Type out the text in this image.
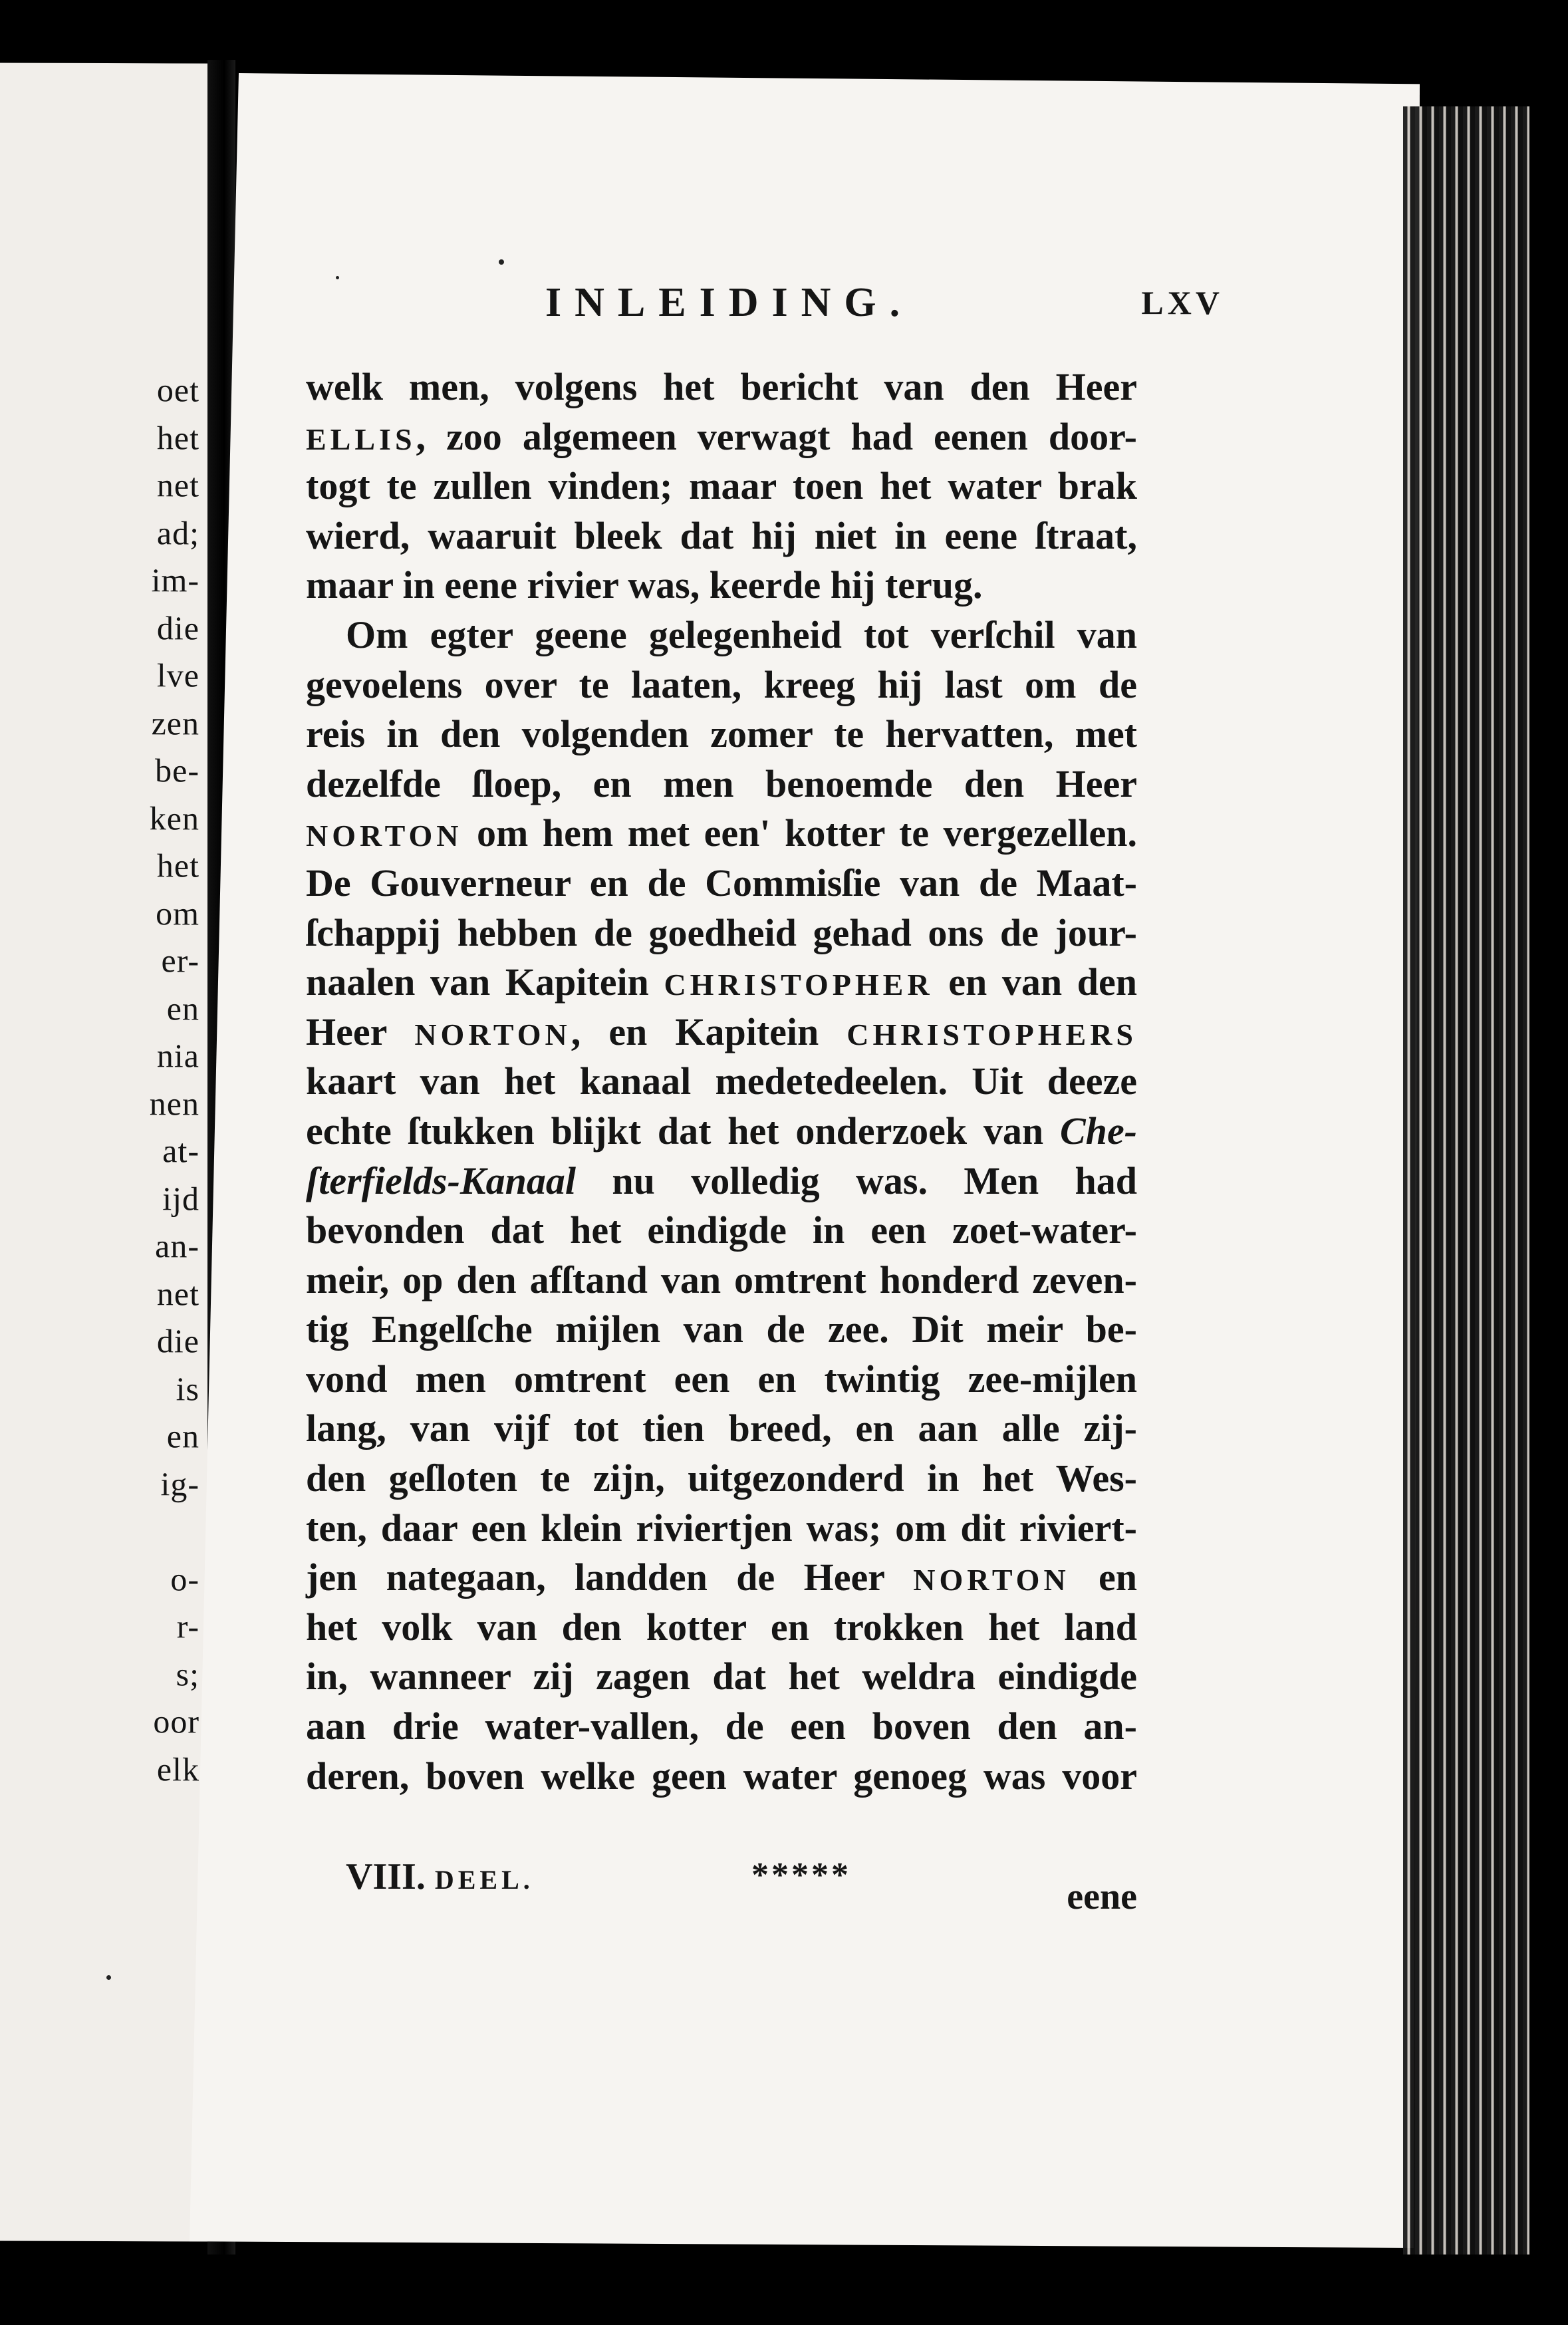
oet
het
net
ad;
im-
die
lve
zen
be-
ken
het
om
er-
en
nia
nen
at-
ijd
an-
net
die
is
en
ig-
o-
r-
s;
oor
elk
INLEIDING.	LXV
welk men, volgens het bericht van den Heer
ELLIS, zoo algemeen verwagt had eenen door-
togt te zullen vinden; maar toen het water brak
wierd, waaruit bleek dat hij niet in eene ſtraat,
maar in eene rivier was, keerde hij terug.
Om egter geene gelegenheid tot verſchil van
gevoelens over te laaten, kreeg hij last om de
reis in den volgenden zomer te hervatten, met
dezelfde ſloep, en men benoemde den Heer
NORTON om hem met een' kotter te vergezellen.
De Gouverneur en de Commisſie van de Maat-
ſchappij hebben de goedheid gehad ons de jour-
naalen van Kapitein CHRISTOPHER en van den
Heer NORTON, en Kapitein CHRISTOPHERS
kaart van het kanaal medetedeelen. Uit deeze
echte ſtukken blijkt dat het onderzoek van Che-
ſterfields-Kanaal nu volledig was. Men had
bevonden dat het eindigde in een zoet-water-
meir, op den afſtand van omtrent honderd zeven-
tig Engelſche mijlen van de zee. Dit meir be-
vond men omtrent een en twintig zee-mijlen
lang, van vijf tot tien breed, en aan alle zij-
den geſloten te zijn, uitgezonderd in het Wes-
ten, daar een klein riviertjen was; om dit riviert-
jen nategaan, landden de Heer NORTON en
het volk van den kotter en trokken het land
in, wanneer zij zagen dat het weldra eindigde
aan drie water-vallen, de een boven den an-
deren, boven welke geen water genoeg was voor
VIII. DEEL.	*****
eene
